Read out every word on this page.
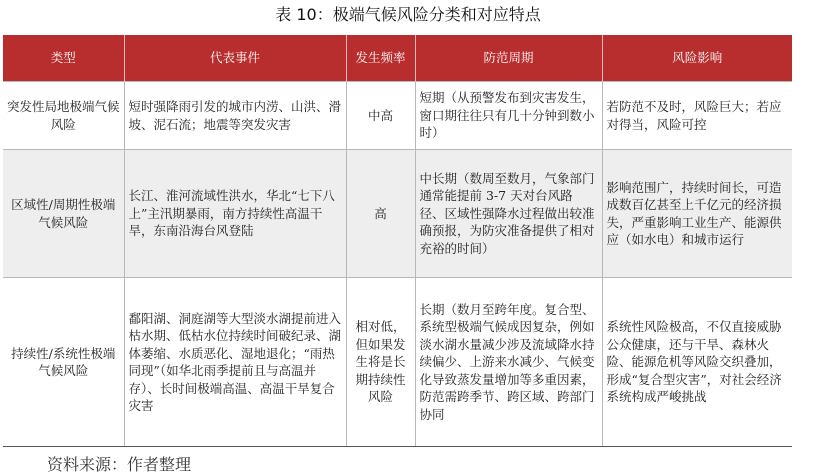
表 10：极端气候风险分类和对应特点
类型	代表事件	发生频率	防范周期	风险影响
突发性局地极端气候风险	短时强降雨引发的城市内涝、山洪、滑坡、泥石流；地震等突发灾害	中高	短期（从预警发布到灾害发生，窗口期往往只有几十分钟到数小时）	若防范不及时，风险巨大；若应对得当，风险可控
区域性/周期性极端气候风险	长江、淮河流域性洪水，华北“七下八上”主汛期暴雨，南方持续性高温干旱，东南沿海台风登陆	高	中长期（数周至数月，气象部门通常能提前 3-7 天对台风路径、区域性强降水过程做出较准确预报，为防灾准备提供了相对充裕的时间）	影响范围广，持续时间长，可造成数百亿甚至上千亿元的经济损失，严重影响工业生产、能源供应（如水电）和城市运行
持续性/系统性极端气候风险	鄱阳湖、洞庭湖等大型淡水湖提前进入枯水期、低枯水位持续时间破纪录、湖体萎缩、水质恶化、湿地退化；“雨热同现”（如华北雨季提前且与高温并存）、长时间极端高温、高温干旱复合灾害	相对低，但如果发生将是长期持续性风险	长期（数月至跨年度。复合型、系统型极端气候成因复杂，例如淡水湖水量减少涉及流域降水持续偏少、上游来水减少、气候变化导致蒸发量增加等多重因素，防范需跨季节、跨区域、跨部门协同	系统性风险极高，不仅直接威胁公众健康，还与干旱、森林火险、能源危机等风险交织叠加，形成“复合型灾害”，对社会经济系统构成严峻挑战
资料来源：作者整理
